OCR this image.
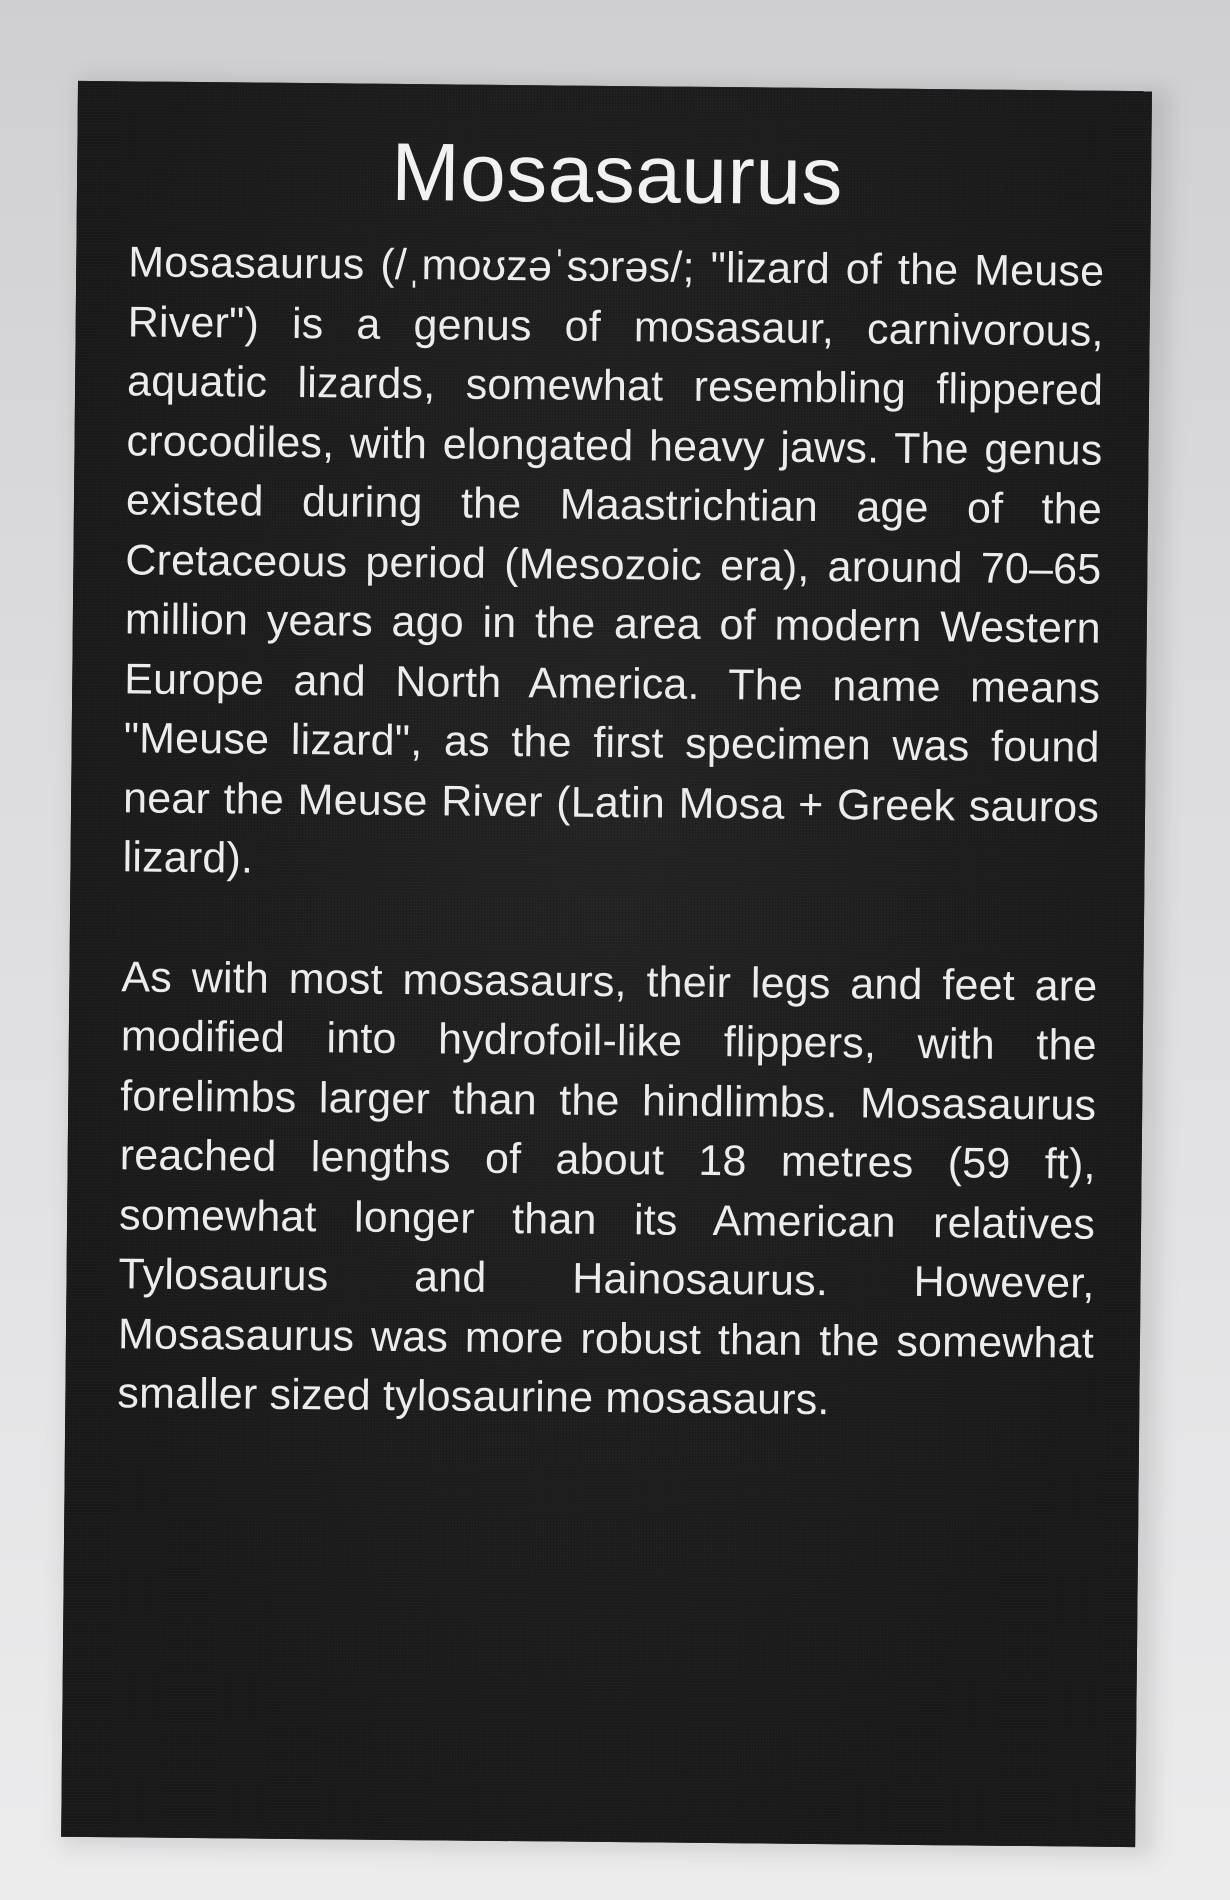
Mosasaurus

Mosasaurus (/ˌmoʊzəˈsɔrəs/; "lizard of the Meuse River") is a genus of mosasaur, carnivorous, aquatic lizards, somewhat resembling flippered crocodiles, with elongated heavy jaws. The genus existed during the Maastrichtian age of the Cretaceous period (Mesozoic era), around 70–65 million years ago in the area of modern Western Europe and North America. The name means "Meuse lizard", as the first specimen was found near the Meuse River (Latin Mosa + Greek sauros lizard).

As with most mosasaurs, their legs and feet are modified into hydrofoil-like flippers, with the forelimbs larger than the hindlimbs. Mosasaurus reached lengths of about 18 metres (59 ft), somewhat longer than its American relatives Tylosaurus and Hainosaurus. However, Mosasaurus was more robust than the somewhat smaller sized tylosaurine mosasaurs.
